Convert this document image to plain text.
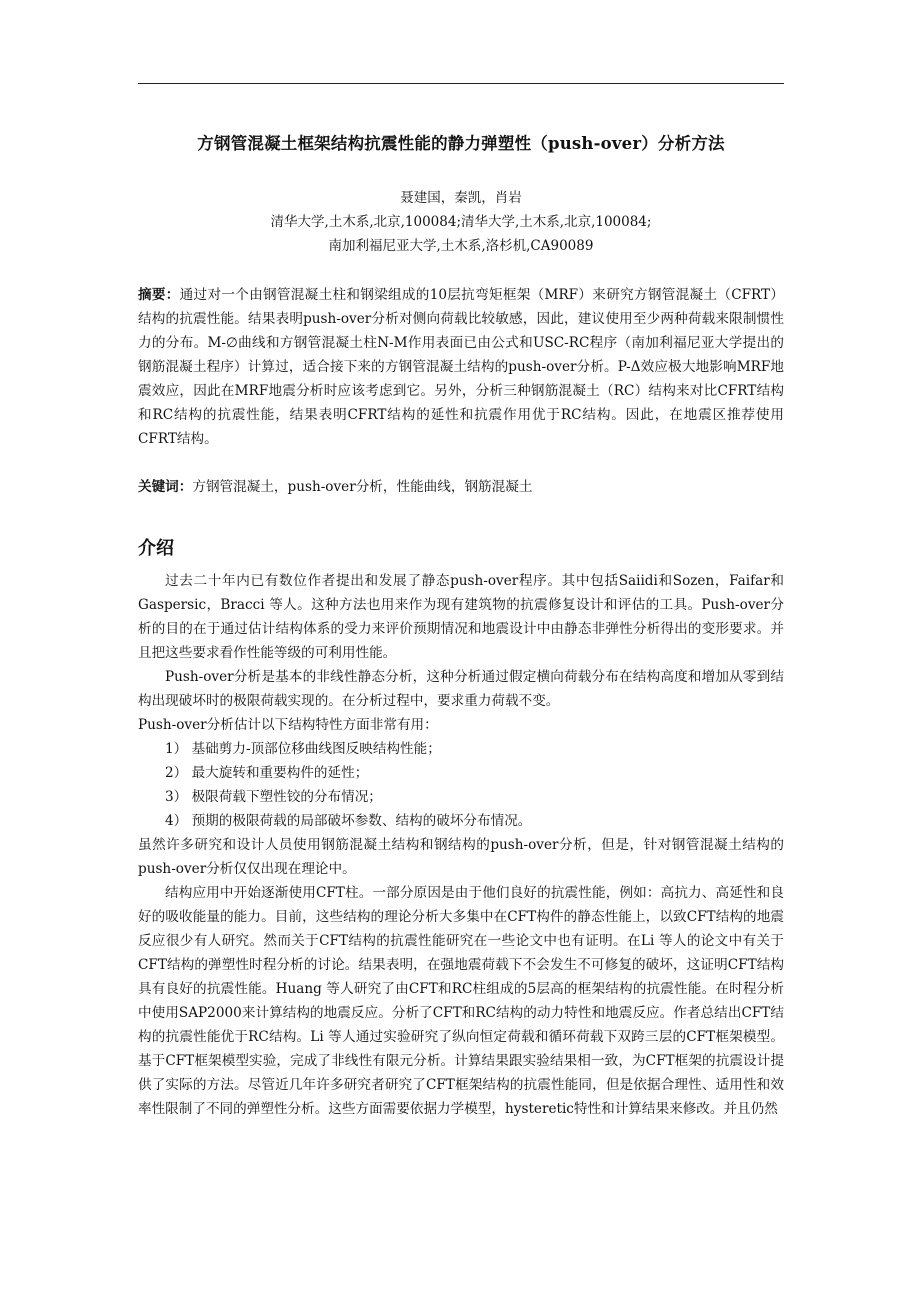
方钢管混凝土框架结构抗震性能的静力弹塑性（push-over）分析方法
聂建国，秦凯，肖岩
清华大学,土木系,北京,100084;清华大学,土木系,北京,100084;
南加利福尼亚大学,土木系,洛杉机,CA90089
摘要：通过对一个由钢管混凝土柱和钢梁组成的10层抗弯矩框架（MRF）来研究方钢管混凝土（CFRT）结构的抗震性能。结果表明push-over分析对侧向荷载比较敏感，因此，建议使用至少两种荷载来限制惯性力的分布。M-∅曲线和方钢管混凝土柱N-M作用表面已由公式和USC-RC程序（南加利福尼亚大学提出的钢筋混凝土程序）计算过，适合接下来的方钢管混凝土结构的push-over分析。P-Δ效应极大地影响MRF地震效应，因此在MRF地震分析时应该考虑到它。另外，分析三种钢筋混凝土（RC）结构来对比CFRT结构和RC结构的抗震性能，结果表明CFRT结构的延性和抗震作用优于RC结构。因此，在地震区推荐使用CFRT结构。
关键词：方钢管混凝土，push-over分析，性能曲线，钢筋混凝土
介绍

过去二十年内已有数位作者提出和发展了静态push-over程序。其中包括Saiidi和Sozen，Faifar和Gaspersic，Bracci 等人。这种方法也用来作为现有建筑物的抗震修复设计和评估的工具。Push-over分析的目的在于通过估计结构体系的受力来评价预期情况和地震设计中由静态非弹性分析得出的变形要求。并且把这些要求看作性能等级的可利用性能。

Push-over分析是基本的非线性静态分析，这种分析通过假定横向荷载分布在结构高度和增加从零到结构出现破坏时的极限荷载实现的。在分析过程中，要求重力荷载不变。

Push-over分析估计以下结构特性方面非常有用：

1） 基础剪力-顶部位移曲线图反映结构性能；

2） 最大旋转和重要构件的延性；

3） 极限荷载下塑性铰的分布情况；

4） 预期的极限荷载的局部破坏参数、结构的破坏分布情况。

虽然许多研究和设计人员使用钢筋混凝土结构和钢结构的push-over分析，但是，针对钢管混凝土结构的push-over分析仅仅出现在理论中。

结构应用中开始逐渐使用CFT柱。一部分原因是由于他们良好的抗震性能，例如：高抗力、高延性和良好的吸收能量的能力。目前，这些结构的理论分析大多集中在CFT构件的静态性能上，以致CFT结构的地震反应很少有人研究。然而关于CFT结构的抗震性能研究在一些论文中也有证明。在Li 等人的论文中有关于CFT结构的弹塑性时程分析的讨论。结果表明，在强地震荷载下不会发生不可修复的破坏，这证明CFT结构具有良好的抗震性能。Huang 等人研究了由CFT和RC柱组成的5层高的框架结构的抗震性能。在时程分析中使用SAP2000来计算结构的地震反应。分析了CFT和RC结构的动力特性和地震反应。作者总结出CFT结构的抗震性能优于RC结构。Li 等人通过实验研究了纵向恒定荷载和循环荷载下双跨三层的CFT框架模型。基于CFT框架模型实验，完成了非线性有限元分析。计算结果跟实验结果相一致，为CFT框架的抗震设计提供了实际的方法。尽管近几年许多研究者研究了CFT框架结构的抗震性能同，但是依据合理性、适用性和效率性限制了不同的弹塑性分析。这些方面需要依据力学模型，hysteretic特性和计算结果来修改。并且仍然
